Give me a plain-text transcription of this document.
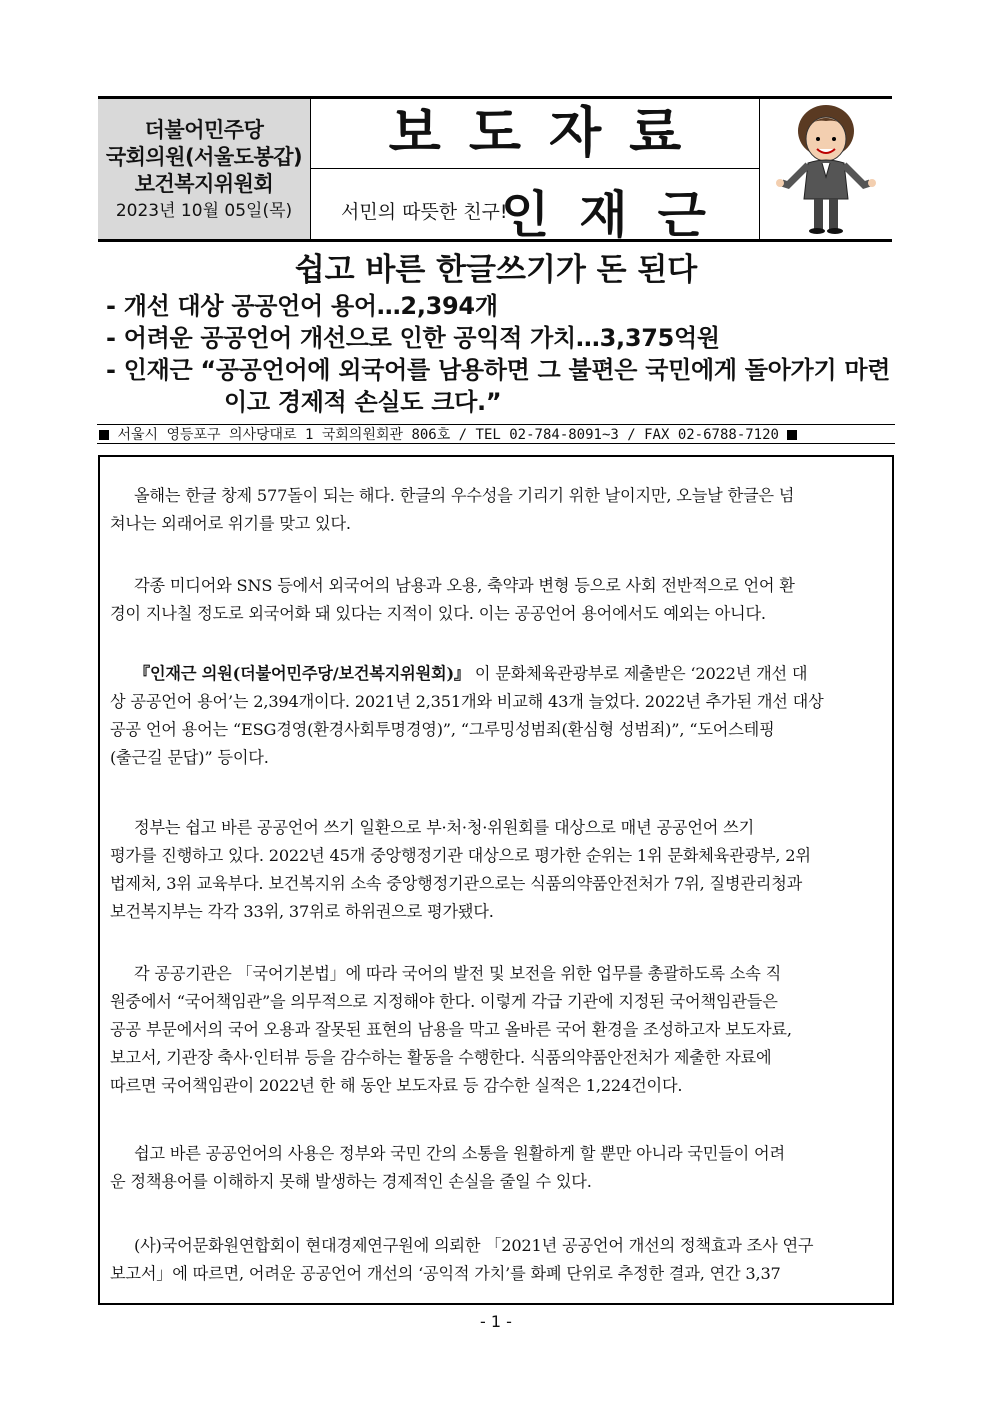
더불어민주당
국회의원(서울도봉갑)
보건복지위원회
2023년 10월 05일(목)
보도자료
서민의 따뜻한 친구!
인재근
쉽고 바른 한글쓰기가 돈 된다
- 개선 대상 공공언어 용어…2,394개
- 어려운 공공언어 개선으로 인한 공익적 가치…3,375억원
- 인재근 “공공언어에 외국어를 남용하면 그 불편은 국민에게 돌아가기 마련
이고 경제적 손실도 크다.”
서울시 영등포구 의사당대로 1 국회의원회관 806호 / TEL 02-784-8091~3 / FAX 02-6788-7120
올해는 한글 창제 577돌이 되는 해다. 한글의 우수성을 기리기 위한 날이지만, 오늘날 한글은 넘
쳐나는 외래어로 위기를 맞고 있다.
각종 미디어와 SNS 등에서 외국어의 남용과 오용, 축약과 변형 등으로 사회 전반적으로 언어 환
경이 지나칠 정도로 외국어화 돼 있다는 지적이 있다. 이는 공공언어 용어에서도 예외는 아니다.
『인재근 의원(더불어민주당/보건복지위원회)』 이 문화체육관광부로 제출받은 ‘2022년 개선 대
상 공공언어 용어’는 2,394개이다. 2021년 2,351개와 비교해 43개 늘었다. 2022년 추가된 개선 대상
공공 언어 용어는 “ESG경영(환경사회투명경영)”, “그루밍성범죄(환심형 성범죄)”, “도어스테핑
(출근길 문답)” 등이다.
정부는 쉽고 바른 공공언어 쓰기 일환으로 부·처·청·위원회를 대상으로 매년 공공언어 쓰기
평가를 진행하고 있다. 2022년 45개 중앙행정기관 대상으로 평가한 순위는 1위 문화체육관광부, 2위
법제처, 3위 교육부다. 보건복지위 소속 중앙행정기관으로는 식품의약품안전처가 7위, 질병관리청과
보건복지부는 각각 33위, 37위로 하위권으로 평가됐다.
각 공공기관은 「국어기본법」에 따라 국어의 발전 및 보전을 위한 업무를 총괄하도록 소속 직
원중에서 “국어책임관”을 의무적으로 지정해야 한다. 이렇게 각급 기관에 지정된 국어책임관들은
공공 부문에서의 국어 오용과 잘못된 표현의 남용을 막고 올바른 국어 환경을 조성하고자 보도자료,
보고서, 기관장 축사·인터뷰 등을 감수하는 활동을 수행한다. 식품의약품안전처가 제출한 자료에
따르면 국어책임관이 2022년 한 해 동안 보도자료 등 감수한 실적은 1,224건이다.
쉽고 바른 공공언어의 사용은 정부와 국민 간의 소통을 원활하게 할 뿐만 아니라 국민들이 어려
운 정책용어를 이해하지 못해 발생하는 경제적인 손실을 줄일 수 있다.
(사)국어문화원연합회이 현대경제연구원에 의뢰한 「2021년 공공언어 개선의 정책효과 조사 연구
보고서」에 따르면, 어려운 공공언어 개선의 ‘공익적 가치’를 화폐 단위로 추정한 결과, 연간 3,37
- 1 -
